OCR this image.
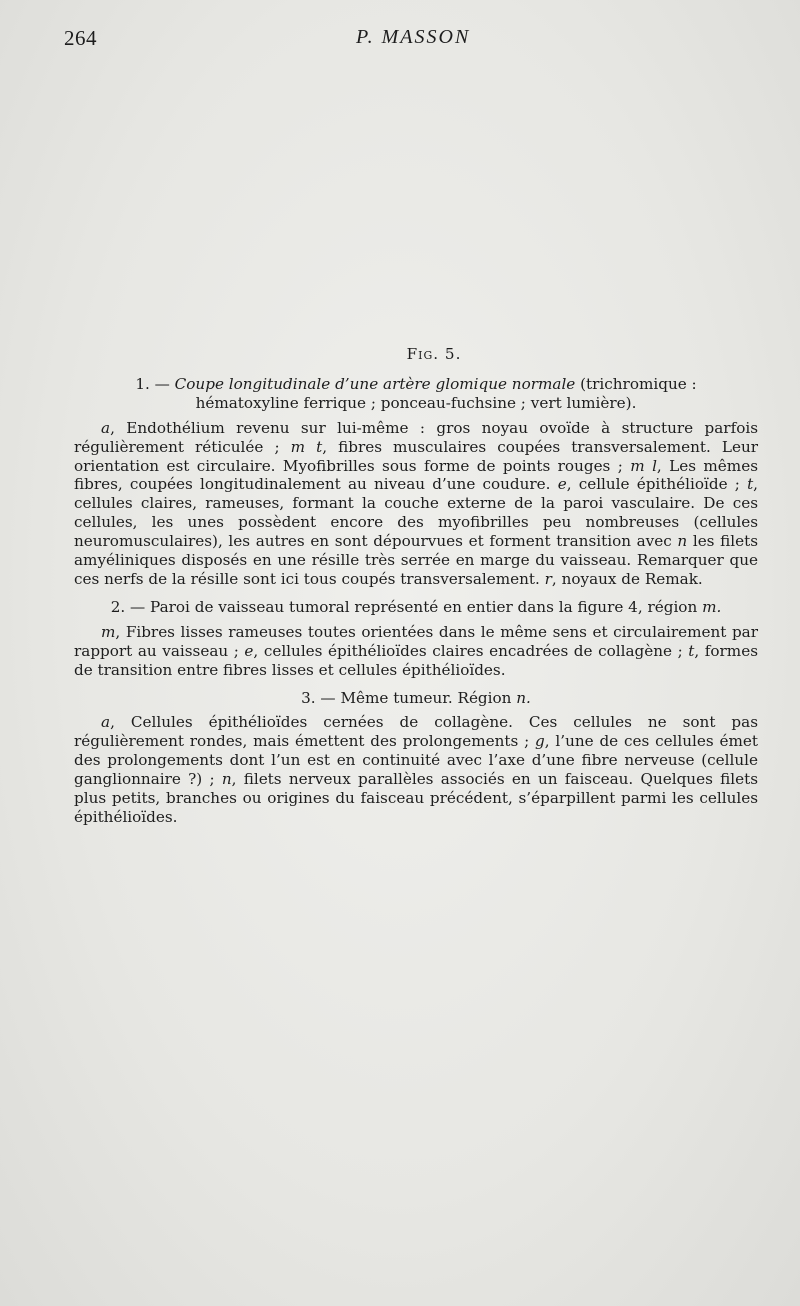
264	P. MASSON
Fig. 5.
1. — Coupe longitudinale d’une artère glomique normale (trichromique : hématoxyline ferrique ; ponceau-fuchsine ; vert lumière).
a, Endothélium revenu sur lui-même : gros noyau ovoïde à structure parfois régulièrement réticulée ; m t, fibres musculaires coupées transversalement. Leur orientation est circulaire. Myofibrilles sous forme de points rouges ; m l, Les mêmes fibres, coupées longitudinalement au niveau d’une coudure. e, cellule épithélioïde ; t, cellules claires, rameuses, formant la couche externe de la paroi vasculaire. De ces cellules, les unes possèdent encore des myofibrilles peu nombreuses (cellules neuromusculaires), les autres en sont dépourvues et forment transition avec n les filets amyéliniques disposés en une résille très serrée en marge du vaisseau. Remarquer que ces nerfs de la résille sont ici tous coupés transversalement. r, noyaux de Remak.
2. — Paroi de vaisseau tumoral représenté en entier dans la figure 4, région m.
m, Fibres lisses rameuses toutes orientées dans le même sens et circulairement par rapport au vaisseau ; e, cellules épithélioïdes claires encadrées de collagène ; t, formes de transition entre fibres lisses et cellules épithélioïdes.
3. — Même tumeur. Région n.
a, Cellules épithélioïdes cernées de collagène. Ces cellules ne sont pas régulièrement rondes, mais émettent des prolongements ; g, l’une de ces cellules émet des prolongements dont l’un est en continuité avec l’axe d’une fibre nerveuse (cellule ganglionnaire ?) ; n, filets nerveux parallèles associés en un faisceau. Quelques filets plus petits, branches ou origines du faisceau précédent, s’éparpillent parmi les cellules épithélioïdes.
